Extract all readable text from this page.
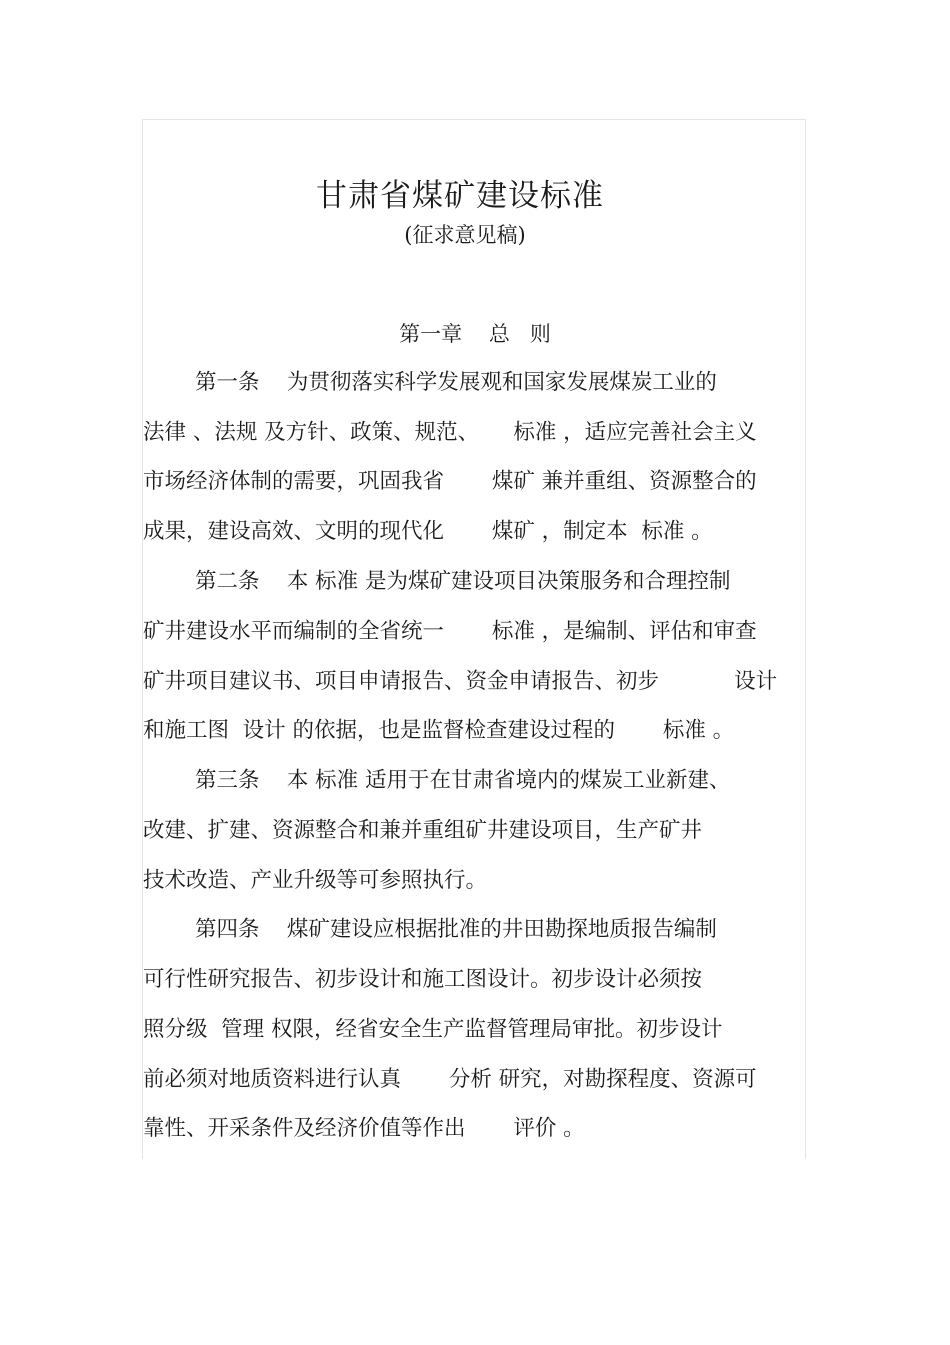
甘肃省煤矿建设标准
(征求意见稿)
第一章    总   则
第一条    为贯彻落实科学发展观和国家发展煤炭工业的
法律 、法规 及方针、政策、规范、     标准 ，适应完善社会主义
市场经济体制的需要，巩固我省       煤矿 兼并重组、资源整合的
成果，建设高效、文明的现代化       煤矿 ，制定本  标准 。
第二条    本 标准 是为煤矿建设项目决策服务和合理控制
矿井建设水平而编制的全省统一       标准 ，是编制、评估和审查
矿井项目建议书、项目申请报告、资金申请报告、初步           设计
和施工图  设计 的依据，也是监督检查建设过程的       标准 。
第三条    本 标准 适用于在甘肃省境内的煤炭工业新建、
改建、扩建、资源整合和兼并重组矿井建设项目，生产矿井
技术改造、产业升级等可参照执行。
第四条    煤矿建设应根据批准的井田勘探地质报告编制
可行性研究报告、初步设计和施工图设计。初步设计必须按
照分级  管理 权限，经省安全生产监督管理局审批。初步设计
前必须对地质资料进行认真       分析 研究，对勘探程度、资源可
靠性、开采条件及经济价值等作出       评价 。
